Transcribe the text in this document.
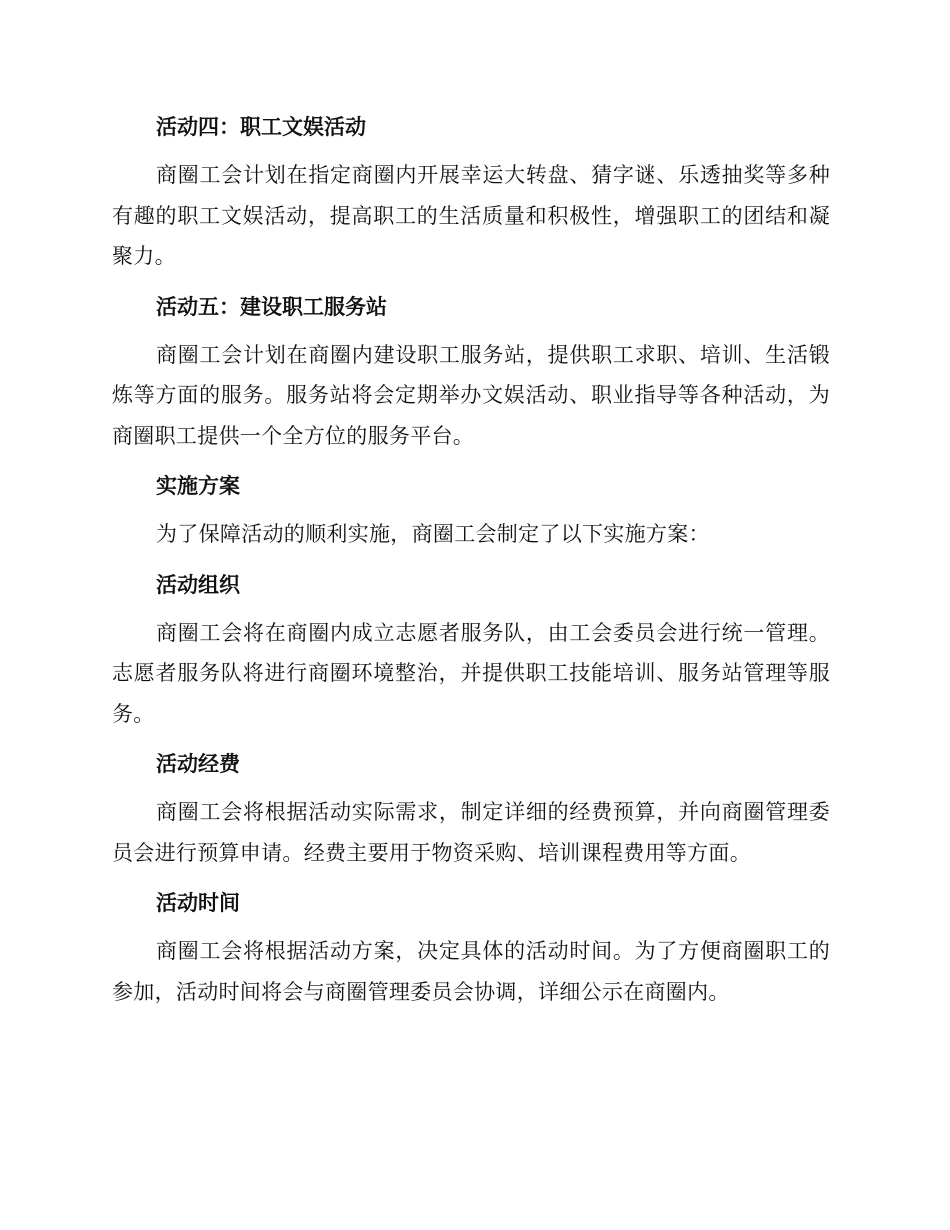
活动四：职工文娱活动

商圈工会计划在指定商圈内开展幸运大转盘、猜字谜、乐透抽奖等多种有趣的职工文娱活动，提高职工的生活质量和积极性，增强职工的团结和凝聚力。

活动五：建设职工服务站

商圈工会计划在商圈内建设职工服务站，提供职工求职、培训、生活锻炼等方面的服务。服务站将会定期举办文娱活动、职业指导等各种活动，为商圈职工提供一个全方位的服务平台。

实施方案

为了保障活动的顺利实施，商圈工会制定了以下实施方案：

活动组织

商圈工会将在商圈内成立志愿者服务队，由工会委员会进行统一管理。志愿者服务队将进行商圈环境整治，并提供职工技能培训、服务站管理等服务。

活动经费

商圈工会将根据活动实际需求，制定详细的经费预算，并向商圈管理委员会进行预算申请。经费主要用于物资采购、培训课程费用等方面。

活动时间

商圈工会将根据活动方案，决定具体的活动时间。为了方便商圈职工的参加，活动时间将会与商圈管理委员会协调，详细公示在商圈内。
